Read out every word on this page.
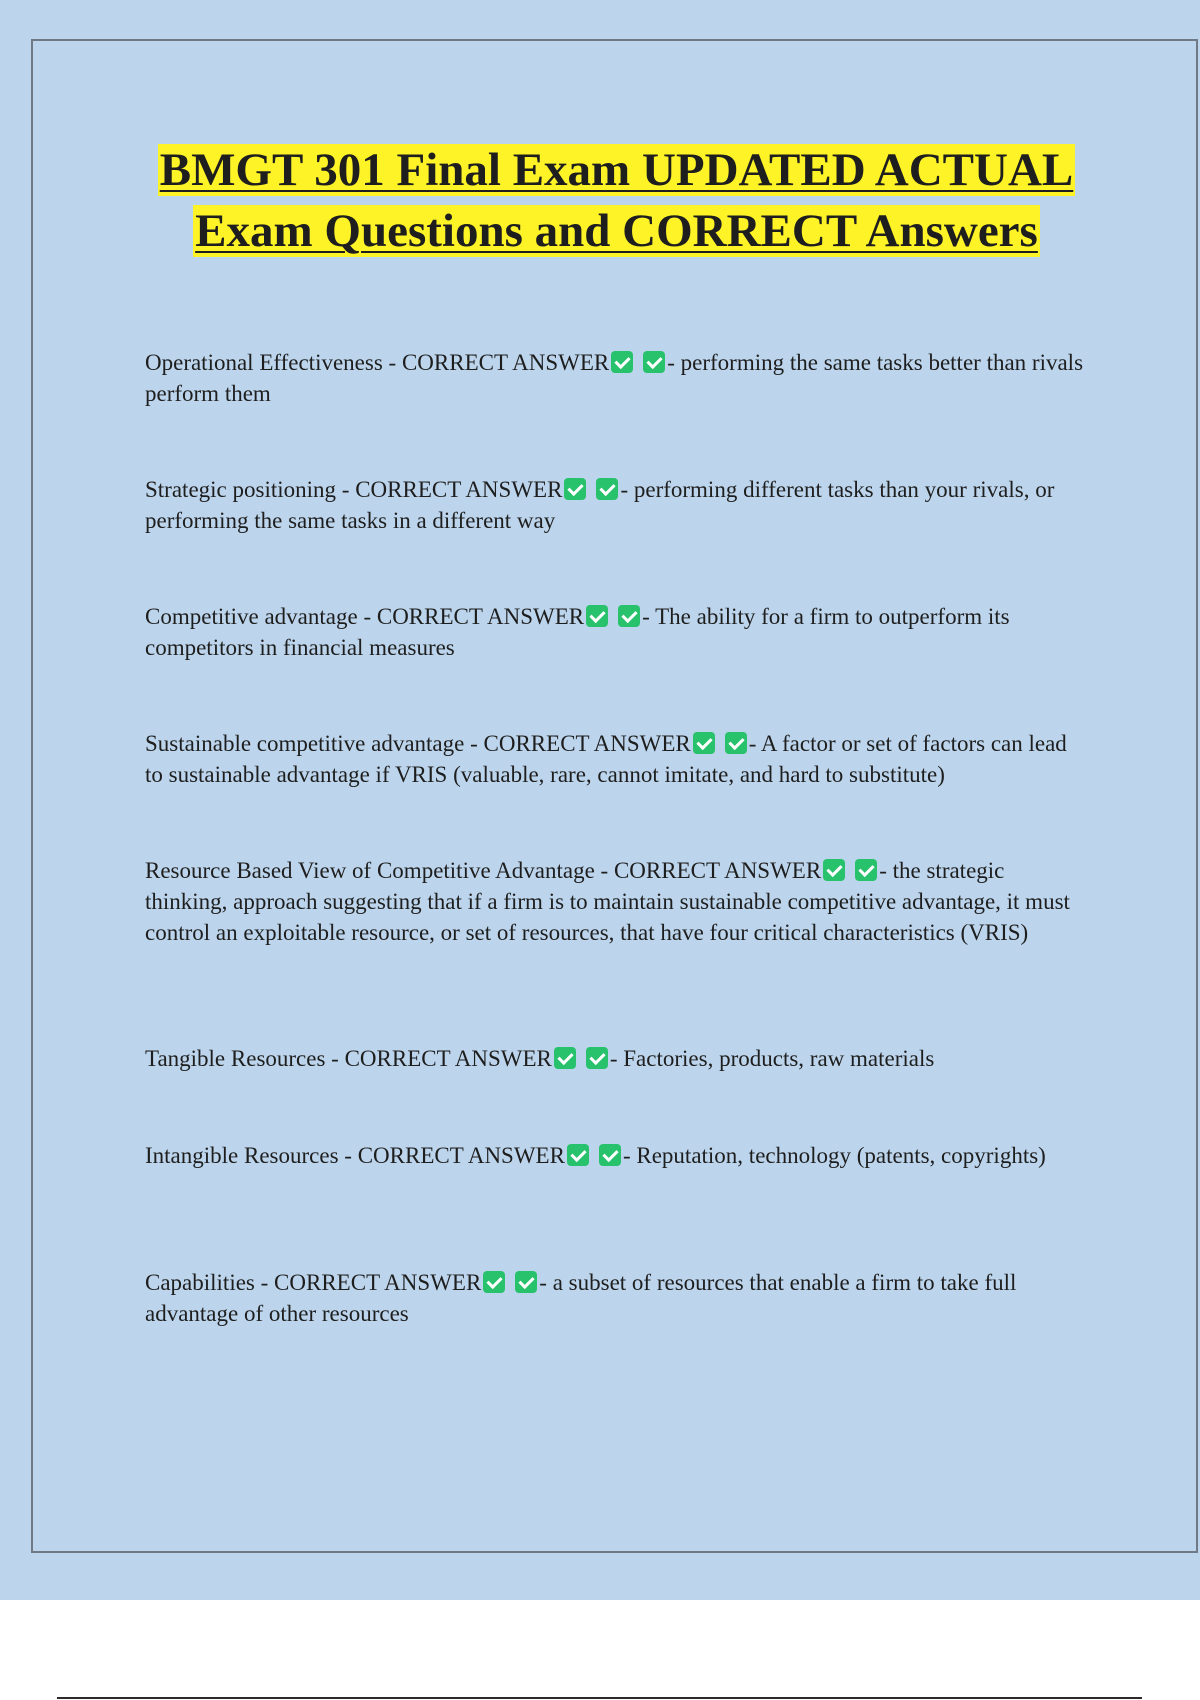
BMGT 301 Final Exam UPDATED ACTUAL Exam Questions and CORRECT Answers

Operational Effectiveness - CORRECT ANSWER	- performing the same tasks better than rivals perform them

Strategic positioning - CORRECT ANSWER	- performing different tasks than your rivals, or performing the same tasks in a different way

Competitive advantage - CORRECT ANSWER	- The ability for a firm to outperform its competitors in financial measures

Sustainable competitive advantage - CORRECT ANSWER	- A factor or set of factors can lead to sustainable advantage if VRIS (valuable, rare, cannot imitate, and hard to substitute)

Resource Based View of Competitive Advantage - CORRECT ANSWER	- the strategic thinking, approach suggesting that if a firm is to maintain sustainable competitive advantage, it must control an exploitable resource, or set of resources, that have four critical characteristics (VRIS)

Tangible Resources - CORRECT ANSWER	- Factories, products, raw materials

Intangible Resources - CORRECT ANSWER	- Reputation, technology (patents, copyrights)

Capabilities - CORRECT ANSWER	- a subset of resources that enable a firm to take full advantage of other resources
